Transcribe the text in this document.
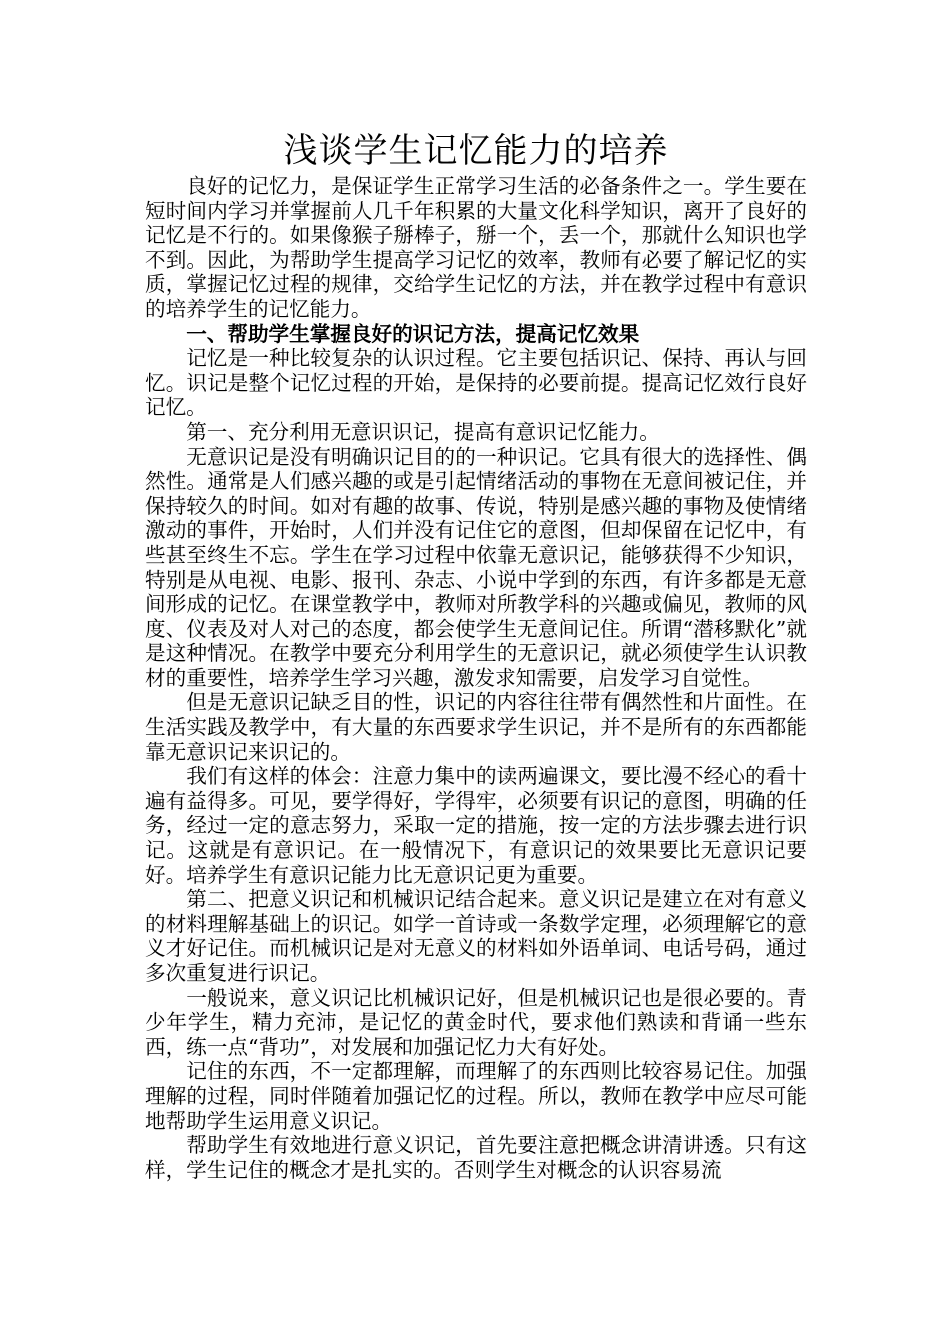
浅谈学生记忆能力的培养

良好的记忆力，是保证学生正常学习生活的必备条件之一。学生要在短时间内学习并掌握前人几千年积累的大量文化科学知识，离开了良好的记忆是不行的。如果像猴子掰棒子，掰一个，丢一个，那就什么知识也学不到。因此，为帮助学生提高学习记忆的效率，教师有必要了解记忆的实质，掌握记忆过程的规律，交给学生记忆的方法，并在教学过程中有意识的培养学生的记忆能力。

一、帮助学生掌握良好的识记方法，提高记忆效果

记忆是一种比较复杂的认识过程。它主要包括识记、保持、再认与回忆。识记是整个记忆过程的开始，是保持的必要前提。提高记忆效行良好记忆。

第一、充分利用无意识识记，提高有意识记忆能力。

无意识记是没有明确识记目的的一种识记。它具有很大的选择性、偶然性。通常是人们感兴趣的或是引起情绪活动的事物在无意间被记住，并保持较久的时间。如对有趣的故事、传说，特别是感兴趣的事物及使情绪激动的事件，开始时，人们并没有记住它的意图，但却保留在记忆中，有些甚至终生不忘。学生在学习过程中依靠无意识记，能够获得不少知识，特别是从电视、电影、报刊、杂志、小说中学到的东西，有许多都是无意间形成的记忆。在课堂教学中，教师对所教学科的兴趣或偏见，教师的风度、仪表及对人对己的态度，都会使学生无意间记住。所谓“潜移默化”就是这种情况。在教学中要充分利用学生的无意识记，就必须使学生认识教材的重要性，培养学生学习兴趣，激发求知需要，启发学习自觉性。

但是无意识记缺乏目的性，识记的内容往往带有偶然性和片面性。在生活实践及教学中，有大量的东西要求学生识记，并不是所有的东西都能靠无意识记来识记的。

我们有这样的体会：注意力集中的读两遍课文，要比漫不经心的看十遍有益得多。可见，要学得好，学得牢，必须要有识记的意图，明确的任务，经过一定的意志努力，采取一定的措施，按一定的方法步骤去进行识记。这就是有意识记。在一般情况下，有意识记的效果要比无意识记要好。培养学生有意识记能力比无意识记更为重要。

第二、把意义识记和机械识记结合起来。意义识记是建立在对有意义的材料理解基础上的识记。如学一首诗或一条数学定理，必须理解它的意义才好记住。而机械识记是对无意义的材料如外语单词、电话号码，通过多次重复进行识记。

一般说来，意义识记比机械识记好，但是机械识记也是很必要的。青少年学生，精力充沛，是记忆的黄金时代，要求他们熟读和背诵一些东西，练一点“背功”，对发展和加强记忆力大有好处。

记住的东西，不一定都理解，而理解了的东西则比较容易记住。加强理解的过程，同时伴随着加强记忆的过程。所以，教师在教学中应尽可能地帮助学生运用意义识记。

帮助学生有效地进行意义识记，首先要注意把概念讲清讲透。只有这样，学生记住的概念才是扎实的。否则学生对概念的认识容易流
